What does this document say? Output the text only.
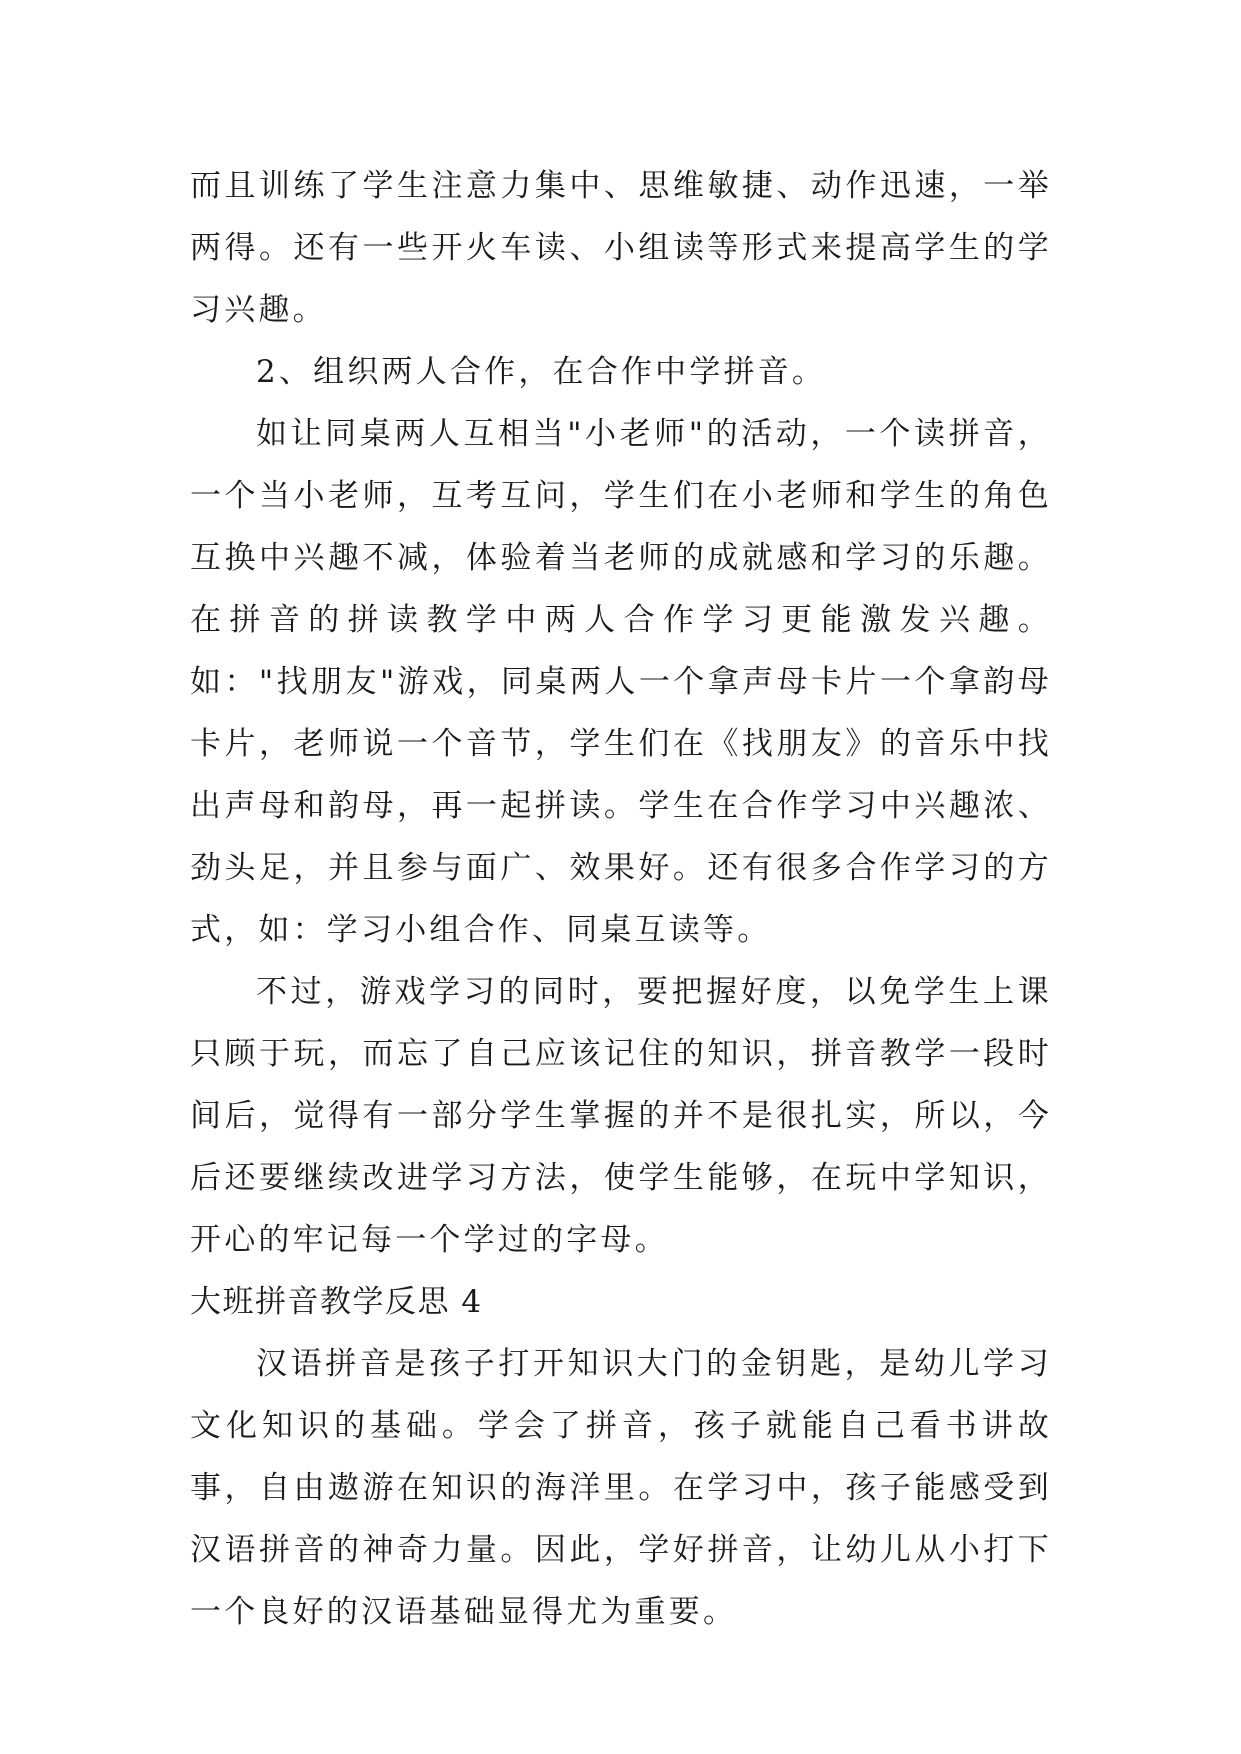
而且训练了学生注意力集中、思维敏捷、动作迅速，一举两得。还有一些开火车读、小组读等形式来提高学生的学习兴趣。

2、组织两人合作，在合作中学拼音。

如让同桌两人互相当"小老师"的活动，一个读拼音，一个当小老师，互考互问，学生们在小老师和学生的角色互换中兴趣不减，体验着当老师的成就感和学习的乐趣。在拼音的拼读教学中两人合作学习更能激发兴趣。如："找朋友"游戏，同桌两人一个拿声母卡片一个拿韵母卡片，老师说一个音节，学生们在《找朋友》的音乐中找出声母和韵母，再一起拼读。学生在合作学习中兴趣浓、劲头足，并且参与面广、效果好。还有很多合作学习的方式，如：学习小组合作、同桌互读等。

不过，游戏学习的同时，要把握好度，以免学生上课只顾于玩，而忘了自己应该记住的知识，拼音教学一段时间后，觉得有一部分学生掌握的并不是很扎实，所以，今后还要继续改进学习方法，使学生能够，在玩中学知识，开心的牢记每一个学过的字母。

大班拼音教学反思 4

汉语拼音是孩子打开知识大门的金钥匙，是幼儿学习文化知识的基础。学会了拼音，孩子就能自己看书讲故事，自由遨游在知识的海洋里。在学习中，孩子能感受到汉语拼音的神奇力量。因此，学好拼音，让幼儿从小打下一个良好的汉语基础显得尤为重要。
